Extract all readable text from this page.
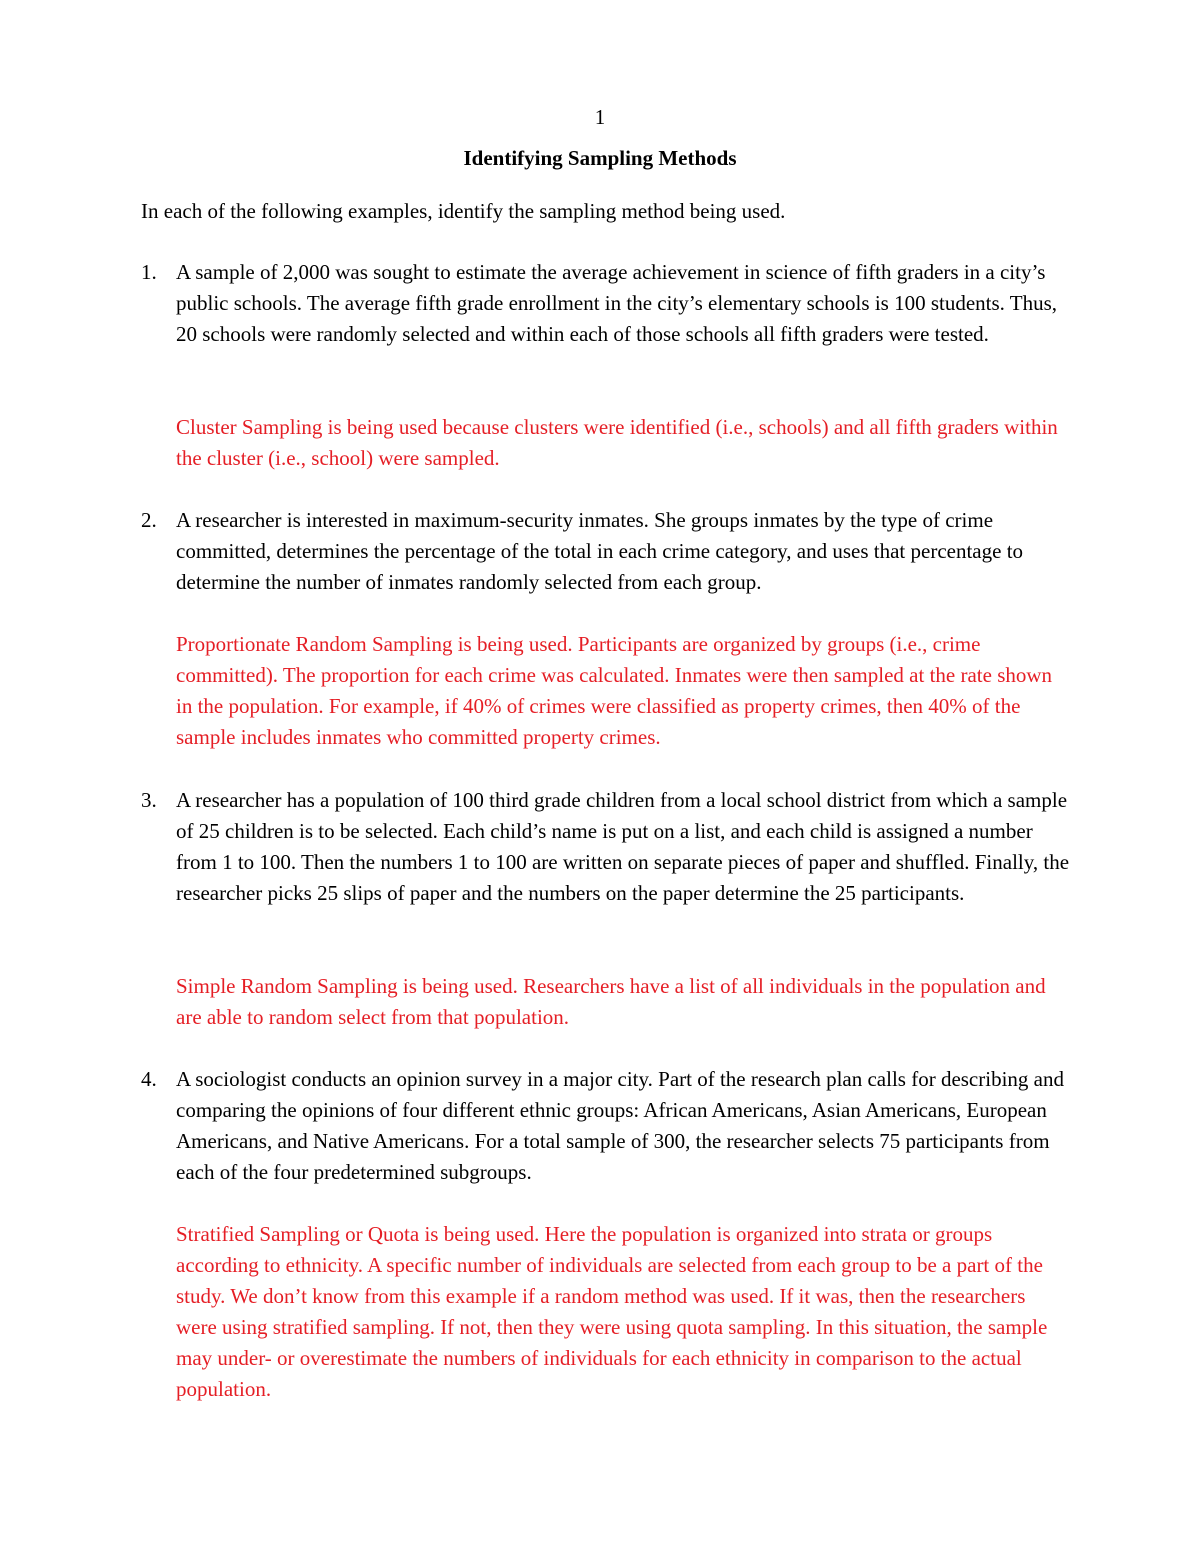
1
Identifying Sampling Methods
In each of the following examples, identify the sampling method being used.
1. A sample of 2,000 was sought to estimate the average achievement in science of fifth graders in a city’s public schools. The average fifth grade enrollment in the city’s elementary schools is 100 students. Thus, 20 schools were randomly selected and within each of those schools all fifth graders were tested.
Cluster Sampling is being used because clusters were identified (i.e., schools) and all fifth graders within the cluster (i.e., school) were sampled.
2. A researcher is interested in maximum-security inmates. She groups inmates by the type of crime committed, determines the percentage of the total in each crime category, and uses that percentage to determine the number of inmates randomly selected from each group.
Proportionate Random Sampling is being used. Participants are organized by groups (i.e., crime committed). The proportion for each crime was calculated. Inmates were then sampled at the rate shown in the population. For example, if 40% of crimes were classified as property crimes, then 40% of the sample includes inmates who committed property crimes.
3. A researcher has a population of 100 third grade children from a local school district from which a sample of 25 children is to be selected. Each child’s name is put on a list, and each child is assigned a number from 1 to 100. Then the numbers 1 to 100 are written on separate pieces of paper and shuffled. Finally, the researcher picks 25 slips of paper and the numbers on the paper determine the 25 participants.
Simple Random Sampling is being used. Researchers have a list of all individuals in the population and are able to random select from that population.
4. A sociologist conducts an opinion survey in a major city. Part of the research plan calls for describing and comparing the opinions of four different ethnic groups: African Americans, Asian Americans, European Americans, and Native Americans. For a total sample of 300, the researcher selects 75 participants from each of the four predetermined subgroups.
Stratified Sampling or Quota is being used. Here the population is organized into strata or groups according to ethnicity. A specific number of individuals are selected from each group to be a part of the study. We don’t know from this example if a random method was used. If it was, then the researchers were using stratified sampling. If not, then they were using quota sampling. In this situation, the sample may under- or overestimate the numbers of individuals for each ethnicity in comparison to the actual population.
